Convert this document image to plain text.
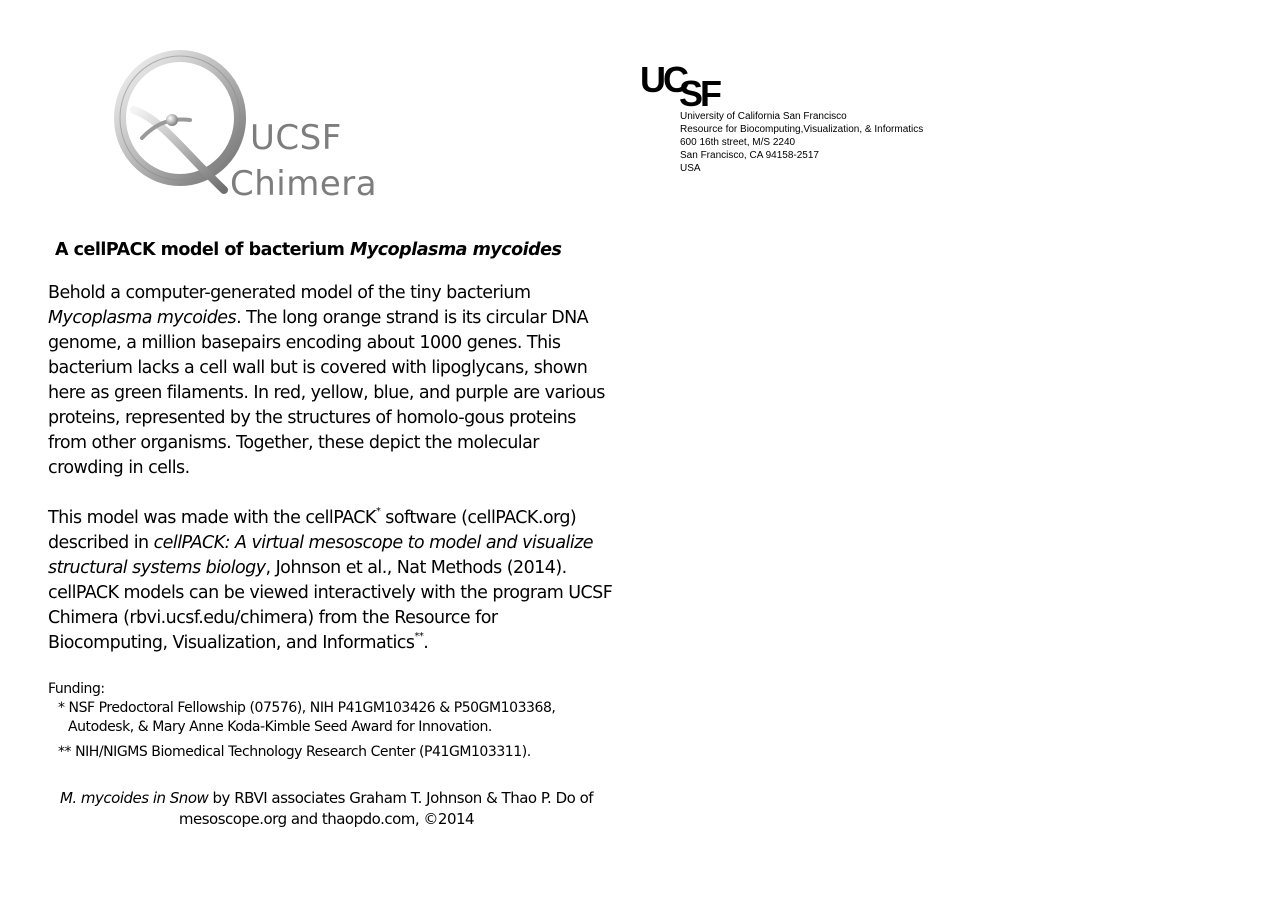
UCSF
Chimera
UC
SF
University of California San Francisco
Resource for Biocomputing,Visualization, & Informatics
600 16th street, M/S 2240
San Francisco, CA 94158-2517
USA
A cellPACK model of bacterium Mycoplasma mycoides

Behold a computer-generated model of the tiny bacterium Mycoplasma mycoides. The long orange strand is its circular DNA genome, a million basepairs encoding about 1000 genes. This bacterium lacks a cell wall but is covered with lipoglycans, shown here as green filaments. In red, yellow, blue, and purple are various proteins, represented by the structures of homolo-gous proteins from other organisms. Together, these depict the molecular crowding in cells.

This model was made with the cellPACK* software (cellPACK.org) described in cellPACK: A virtual mesoscope to model and visualize structural systems biology, Johnson et al., Nat Methods (2014). cellPACK models can be viewed interactively with the program UCSF Chimera (rbvi.ucsf.edu/chimera) from the Resource for Biocomputing, Visualization, and Informatics**.

Funding:

* NSF Predoctoral Fellowship (07576), NIH P41GM103426 & P50GM103368, Autodesk, & Mary Anne Koda-Kimble Seed Award for Innovation.

** NIH/NIGMS Biomedical Technology Research Center (P41GM103311).

M. mycoides in Snow by RBVI associates Graham T. Johnson & Thao P. Do of
mesoscope.org and thaopdo.com, ©2014
